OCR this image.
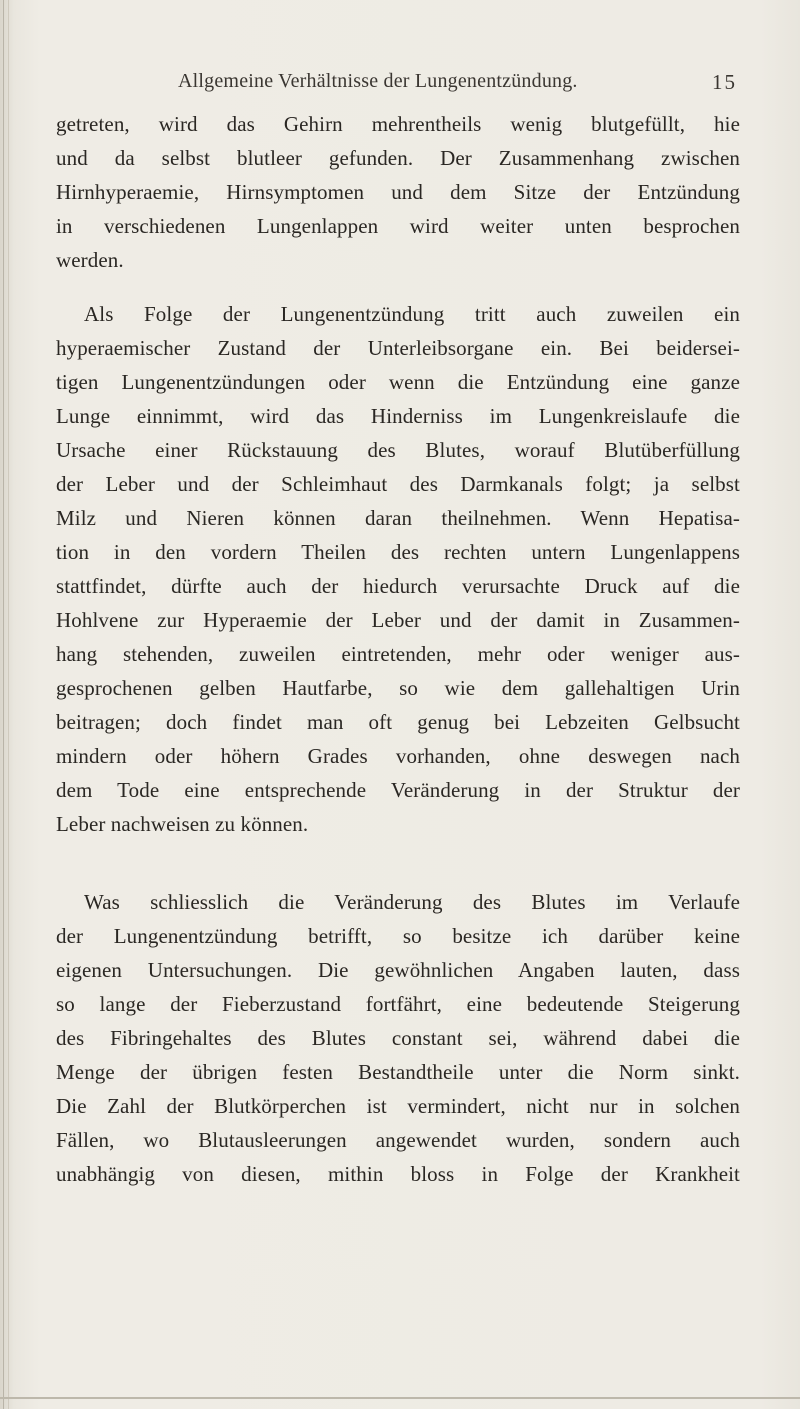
Allgemeine Verhältnisse der Lungenentzündung.	15
getreten, wird das Gehirn mehrentheils wenig blutgefüllt, hie
und da selbst blutleer gefunden. Der Zusammenhang zwischen
Hirnhyperaemie, Hirnsymptomen und dem Sitze der Entzündung
in verschiedenen Lungenlappen wird weiter unten besprochen
werden.
Als Folge der Lungenentzündung tritt auch zuweilen ein
hyperaemischer Zustand der Unterleibsorgane ein. Bei beidersei-
tigen Lungenentzündungen oder wenn die Entzündung eine ganze
Lunge einnimmt, wird das Hinderniss im Lungenkreislaufe die
Ursache einer Rückstauung des Blutes, worauf Blutüberfüllung
der Leber und der Schleimhaut des Darmkanals folgt; ja selbst
Milz und Nieren können daran theilnehmen. Wenn Hepatisa-
tion in den vordern Theilen des rechten untern Lungenlappens
stattfindet, dürfte auch der hiedurch verursachte Druck auf die
Hohlvene zur Hyperaemie der Leber und der damit in Zusammen-
hang stehenden, zuweilen eintretenden, mehr oder weniger aus-
gesprochenen gelben Hautfarbe, so wie dem gallehaltigen Urin
beitragen; doch findet man oft genug bei Lebzeiten Gelbsucht
mindern oder höhern Grades vorhanden, ohne deswegen nach
dem Tode eine entsprechende Veränderung in der Struktur der
Leber nachweisen zu können.
Was schliesslich die Veränderung des Blutes im Verlaufe
der Lungenentzündung betrifft, so besitze ich darüber keine
eigenen Untersuchungen. Die gewöhnlichen Angaben lauten, dass
so lange der Fieberzustand fortfährt, eine bedeutende Steigerung
des Fibringehaltes des Blutes constant sei, während dabei die
Menge der übrigen festen Bestandtheile unter die Norm sinkt.
Die Zahl der Blutkörperchen ist vermindert, nicht nur in solchen
Fällen, wo Blutausleerungen angewendet wurden, sondern auch
unabhängig von diesen, mithin bloss in Folge der Krankheit
